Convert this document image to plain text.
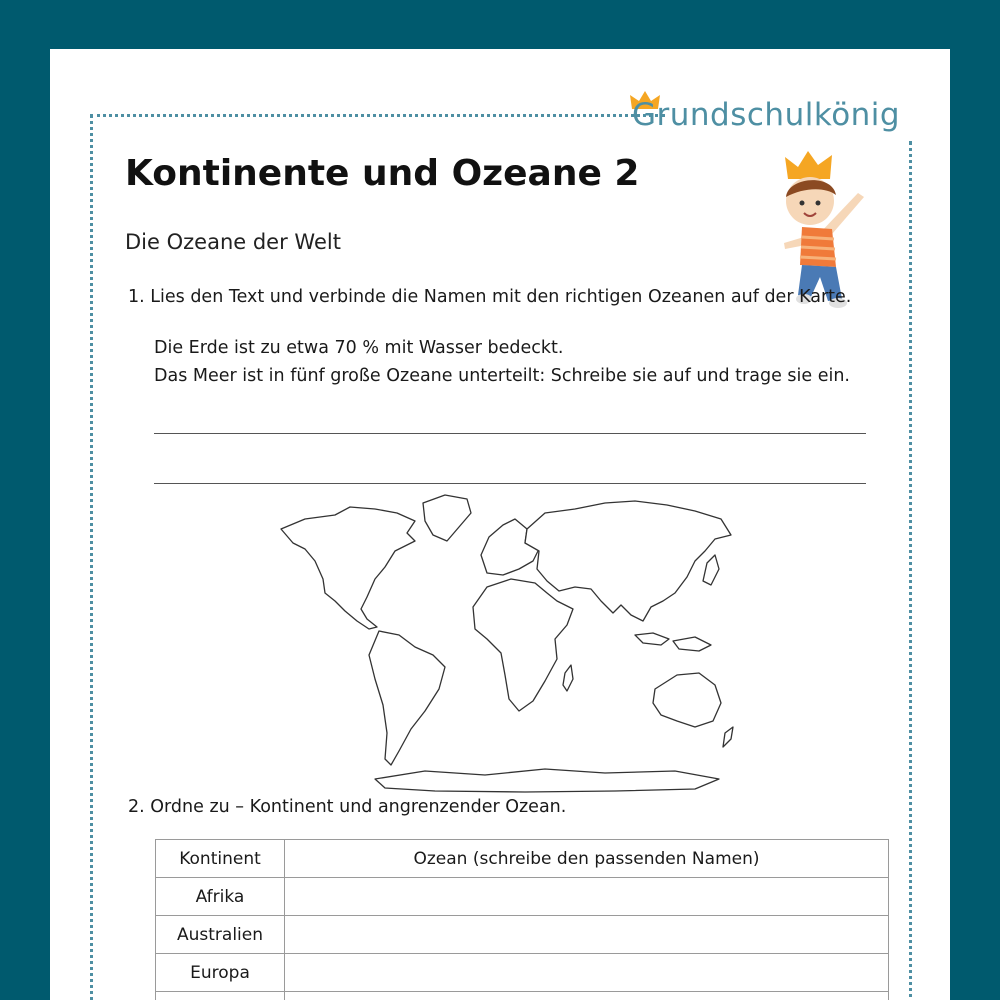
Grundschulkönig
Kontinente und Ozeane 2
Die Ozeane der Welt
1. Lies den Text und verbinde die Namen mit den richtigen Ozeanen auf der Karte.
Die Erde ist zu etwa 70 % mit Wasser bedeckt.
Das Meer ist in fünf große Ozeane unterteilt: Schreibe sie auf und trage sie ein.
2. Ordne zu – Kontinent und angrenzender Ozean.
Kontinent	Ozean (schreibe den passenden Namen)
Afrika	
Australien	
Europa	
